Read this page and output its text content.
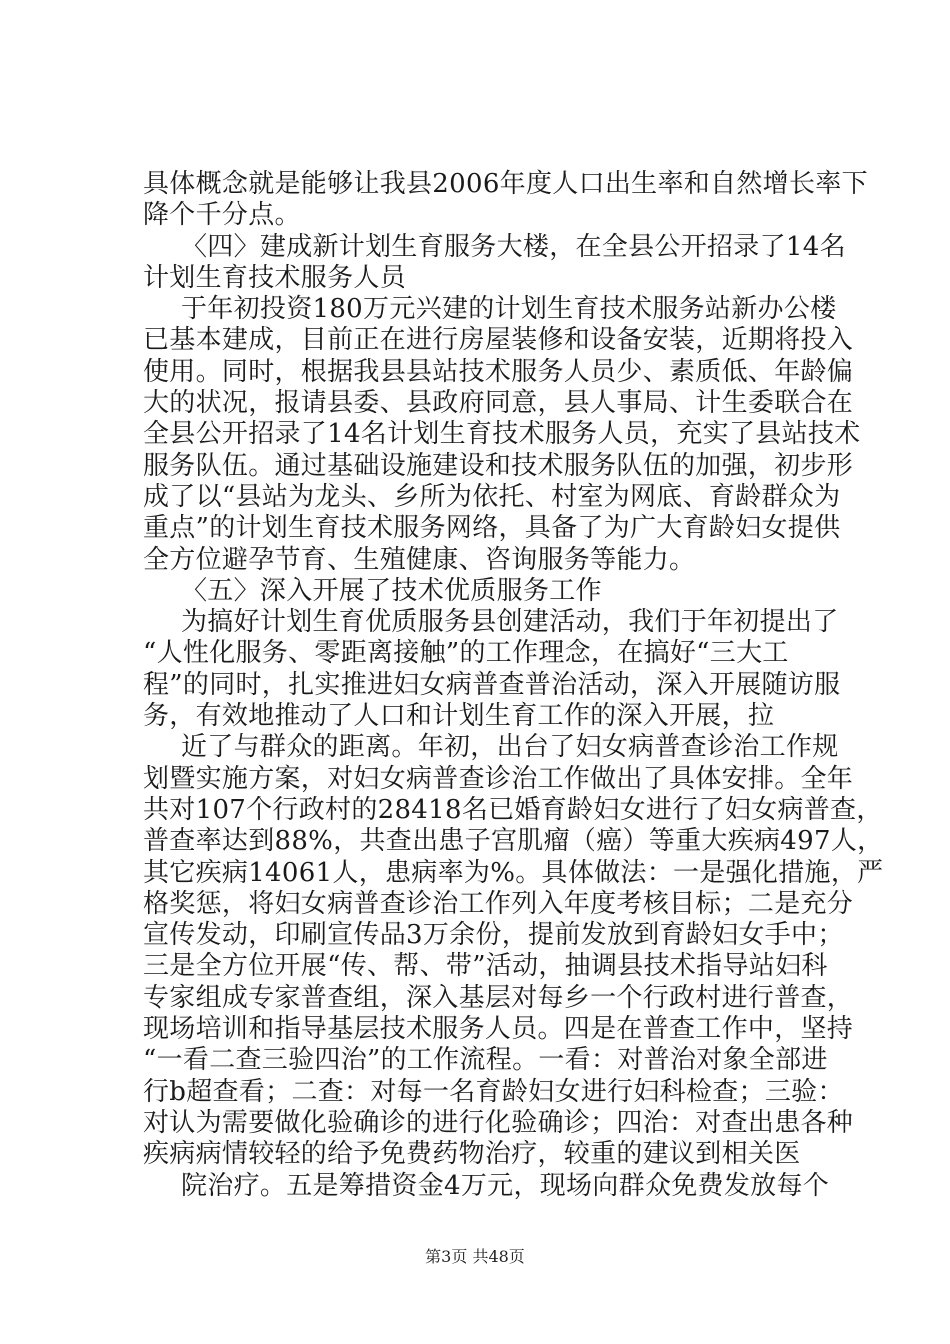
具体概念就是能够让我县2006年度人口出生率和自然增长率下
降个千分点。
〈四〉建成新计划生育服务大楼，在全县公开招录了14名
计划生育技术服务人员
于年初投资180万元兴建的计划生育技术服务站新办公楼
已基本建成，目前正在进行房屋装修和设备安装，近期将投入
使用。同时，根据我县县站技术服务人员少、素质低、年龄偏
大的状况，报请县委、县政府同意，县人事局、计生委联合在
全县公开招录了14名计划生育技术服务人员，充实了县站技术
服务队伍。通过基础设施建设和技术服务队伍的加强，初步形
成了以“县站为龙头、乡所为依托、村室为网底、育龄群众为
重点”的计划生育技术服务网络，具备了为广大育龄妇女提供
全方位避孕节育、生殖健康、咨询服务等能力。
〈五〉深入开展了技术优质服务工作
为搞好计划生育优质服务县创建活动，我们于年初提出了
“人性化服务、零距离接触”的工作理念，在搞好“三大工
程”的同时，扎实推进妇女病普查普治活动，深入开展随访服
务，有效地推动了人口和计划生育工作的深入开展，拉
近了与群众的距离。年初，出台了妇女病普查诊治工作规
划暨实施方案，对妇女病普查诊治工作做出了具体安排。全年
共对107个行政村的28418名已婚育龄妇女进行了妇女病普查，
普查率达到88%，共查出患子宫肌瘤（癌）等重大疾病497人，
其它疾病14061人，患病率为%。具体做法：一是强化措施，严
格奖惩，将妇女病普查诊治工作列入年度考核目标；二是充分
宣传发动，印刷宣传品3万余份，提前发放到育龄妇女手中；
三是全方位开展“传、帮、带”活动，抽调县技术指导站妇科
专家组成专家普查组，深入基层对每乡一个行政村进行普查，
现场培训和指导基层技术服务人员。四是在普查工作中，坚持
“一看二查三验四治”的工作流程。一看：对普治对象全部进
行b超查看；二查：对每一名育龄妇女进行妇科检查；三验：
对认为需要做化验确诊的进行化验确诊；四治：对查出患各种
疾病病情较轻的给予免费药物治疗，较重的建议到相关医
院治疗。五是筹措资金4万元，现场向群众免费发放每个
第3页 共48页
